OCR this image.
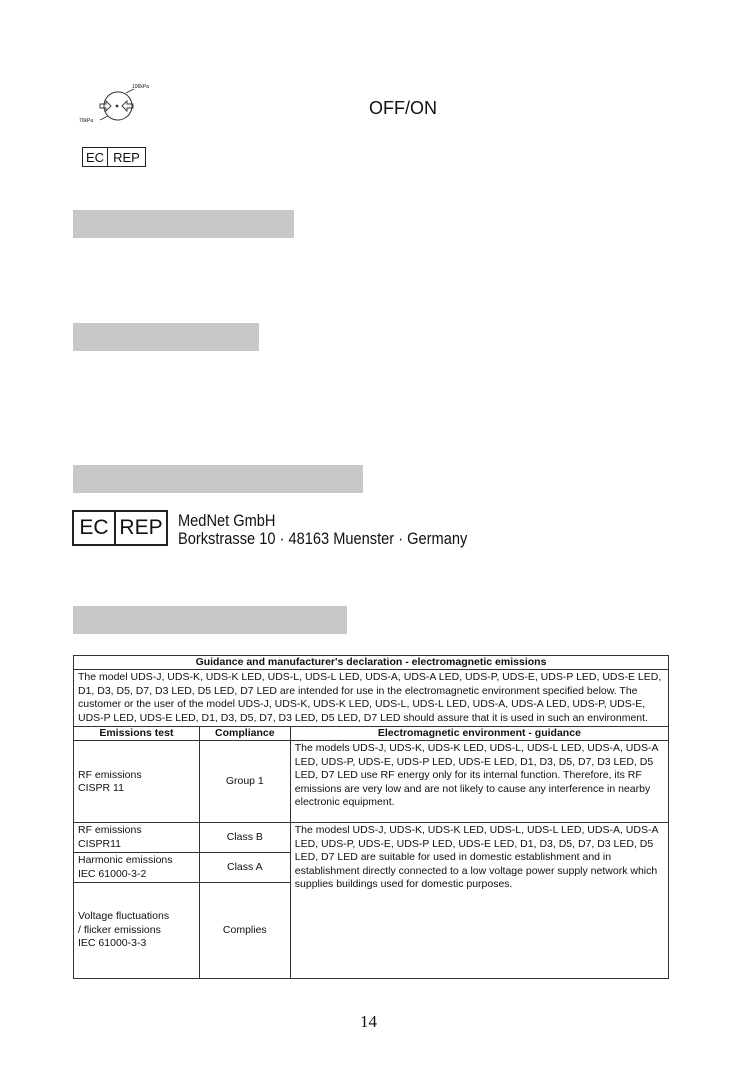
106kPa
70kPa
OFF/ON
EC REP
EC REP MedNet GmbH
Borkstrasse 10 · 48163 Muenster · Germany
Guidance and manufacturer's declaration - electromagnetic emissions		
The model UDS-J, UDS-K, UDS-K LED, UDS-L, UDS-L LED, UDS-A, UDS-A LED, UDS-P, UDS-E, UDS-P LED, UDS-E LED, D1, D3, D5, D7, D3 LED, D5 LED, D7 LED are intended for use in the electromagnetic environment specified below. The customer or the user of the model UDS-J, UDS-K, UDS-K LED, UDS-L, UDS-L LED, UDS-A, UDS-A LED, UDS-P, UDS-E, UDS-P LED, UDS-E LED, D1, D3, D5, D7, D3 LED, D5 LED, D7 LED should assure that it is used in such an environment.		
Emissions test	Compliance	Electromagnetic environment - guidance
RF emissions
CISPR 11	Group 1	The models UDS-J, UDS-K, UDS-K LED, UDS-L, UDS-L LED, UDS-A, UDS-A LED, UDS-P, UDS-E, UDS-P LED, UDS-E LED, D1, D3, D5, D7, D3 LED, D5 LED, D7 LED use RF energy only for its internal function. Therefore, its RF emissions are very low and are not likely to cause any interference in nearby electronic equipment.
RF emissions
CISPR11	Class B	The modesl UDS-J, UDS-K, UDS-K LED, UDS-L, UDS-L LED, UDS-A, UDS-A LED, UDS-P, UDS-E, UDS-P LED, UDS-E LED, D1, D3, D5, D7, D3 LED, D5 LED, D7 LED are suitable for used in domestic establishment and in establishment directly connected to a low voltage power supply network which supplies buildings used for domestic purposes.
Harmonic emissions
IEC 61000-3-2	Class A	
Voltage fluctuations
/ flicker emissions
IEC 61000-3-3	Complies	
14
